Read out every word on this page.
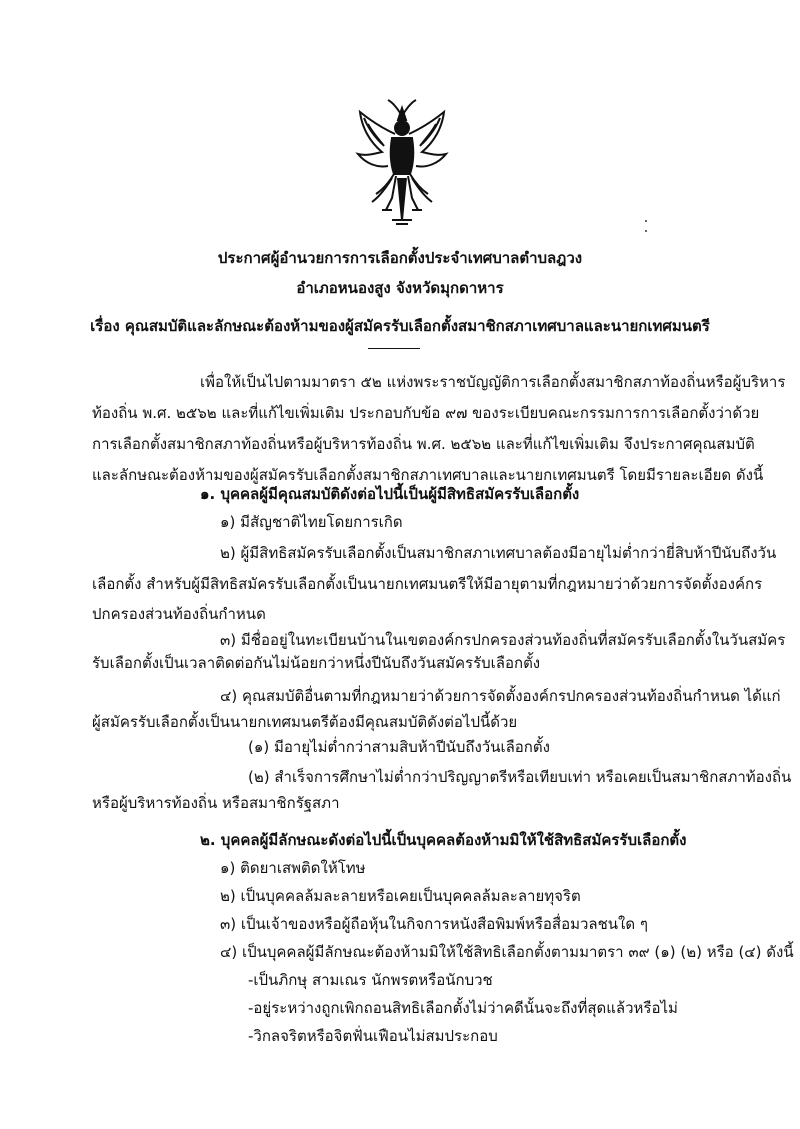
ประกาศผู้อำนวยการการเลือกตั้งประจำเทศบาลตำบลฎวง
อำเภอหนองสูง จังหวัดมุกดาหาร
เรื่อง คุณสมบัติและลักษณะต้องห้ามของผู้สมัครรับเลือกตั้งสมาชิกสภาเทศบาลและนายกเทศมนตรี
เพื่อให้เป็นไปตามมาตรา ๕๒ แห่งพระราชบัญญัติการเลือกตั้งสมาชิกสภาท้องถิ่นหรือผู้บริหาร
ท้องถิ่น พ.ศ. ๒๕๖๒ และที่แก้ไขเพิ่มเติม ประกอบกับข้อ ๙๗ ของระเบียบคณะกรรมการการเลือกตั้งว่าด้วย
การเลือกตั้งสมาชิกสภาท้องถิ่นหรือผู้บริหารท้องถิ่น พ.ศ. ๒๕๖๒ และที่แก้ไขเพิ่มเติม จึงประกาศคุณสมบัติ
และลักษณะต้องห้ามของผู้สมัครรับเลือกตั้งสมาชิกสภาเทศบาลและนายกเทศมนตรี โดยมีรายละเอียด ดังนี้
๑. บุคคลผู้มีคุณสมบัติดังต่อไปนี้เป็นผู้มีสิทธิสมัครรับเลือกตั้ง
๑) มีสัญชาติไทยโดยการเกิด
๒) ผู้มีสิทธิสมัครรับเลือกตั้งเป็นสมาชิกสภาเทศบาลต้องมีอายุไม่ต่ำกว่ายี่สิบห้าปีนับถึงวัน
เลือกตั้ง สำหรับผู้มีสิทธิสมัครรับเลือกตั้งเป็นนายกเทศมนตรีให้มีอายุตามที่กฎหมายว่าด้วยการจัดตั้งองค์กร
ปกครองส่วนท้องถิ่นกำหนด
๓) มีชื่ออยู่ในทะเบียนบ้านในเขตองค์กรปกครองส่วนท้องถิ่นที่สมัครรับเลือกตั้งในวันสมัคร
รับเลือกตั้งเป็นเวลาติดต่อกันไม่น้อยกว่าหนึ่งปีนับถึงวันสมัครรับเลือกตั้ง
๔) คุณสมบัติอื่นตามที่กฎหมายว่าด้วยการจัดตั้งองค์กรปกครองส่วนท้องถิ่นกำหนด ได้แก่
ผู้สมัครรับเลือกตั้งเป็นนายกเทศมนตรีต้องมีคุณสมบัติดังต่อไปนี้ด้วย
(๑) มีอายุไม่ต่ำกว่าสามสิบห้าปีนับถึงวันเลือกตั้ง
(๒) สำเร็จการศึกษาไม่ต่ำกว่าปริญญาตรีหรือเทียบเท่า หรือเคยเป็นสมาชิกสภาท้องถิ่น
หรือผู้บริหารท้องถิ่น หรือสมาชิกรัฐสภา
๒. บุคคลผู้มีลักษณะดังต่อไปนี้เป็นบุคคลต้องห้ามมิให้ใช้สิทธิสมัครรับเลือกตั้ง
๑) ติดยาเสพติดให้โทษ
๒) เป็นบุคคลล้มละลายหรือเคยเป็นบุคคลล้มละลายทุจริต
๓) เป็นเจ้าของหรือผู้ถือหุ้นในกิจการหนังสือพิมพ์หรือสื่อมวลชนใด ๆ
๔) เป็นบุคคลผู้มีลักษณะต้องห้ามมิให้ใช้สิทธิเลือกตั้งตามมาตรา ๓๙ (๑) (๒) หรือ (๔) ดังนี้
-เป็นภิกษุ สามเณร นักพรตหรือนักบวช
-อยู่ระหว่างถูกเพิกถอนสิทธิเลือกตั้งไม่ว่าคดีนั้นจะถึงที่สุดแล้วหรือไม่
-วิกลจริตหรือจิตฟั่นเฟือนไม่สมประกอบ
